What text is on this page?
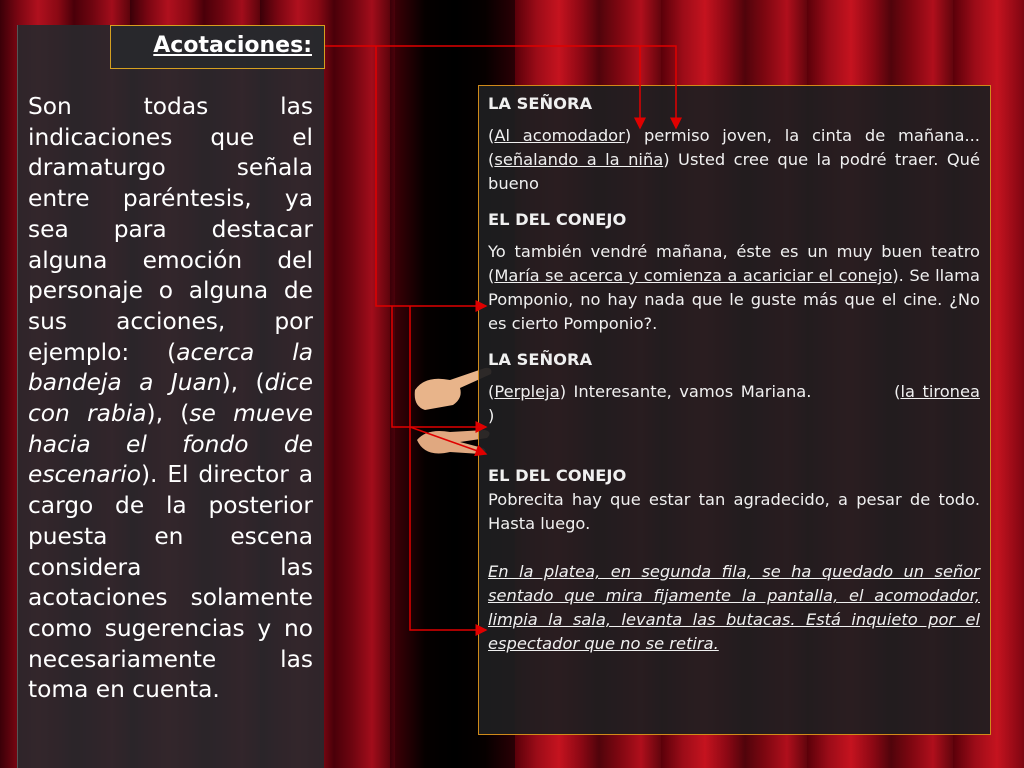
Acotaciones:
Son todas las
indicaciones que el
dramaturgo señala
entre paréntesis, ya
sea para destacar
alguna emoción del
personaje o alguna de
sus acciones, por
ejemplo: (acerca la bandeja a Juan), (dice con rabia), (se mueve hacia el fondo de escenario). El director a cargo de la posterior puesta en escena considera las acotaciones solamente como sugerencias y no necesariamente las toma en cuenta.
LA SEÑORA

(Al acomodador) permiso joven, la cinta de mañana...(señalando a la niña) Usted cree que la podré traer. Qué bueno

EL DEL CONEJO

Yo también vendré mañana, éste es un muy buen teatro (María se acerca y comienza a acariciar el conejo). Se llama Pomponio, no hay nada que le guste más que el cine. ¿No es cierto Pomponio?.

LA SEÑORA

(Perpleja) Interesante, vamos Mariana.	(la tironea

)

EL DEL CONEJO

Pobrecita hay que estar tan agradecido, a pesar de todo. Hasta luego.

En la platea, en segunda fila, se ha quedado un señor sentado que mira fijamente la pantalla, el acomodador, limpia la sala, levanta las butacas. Está inquieto por el espectador que no se retira.
